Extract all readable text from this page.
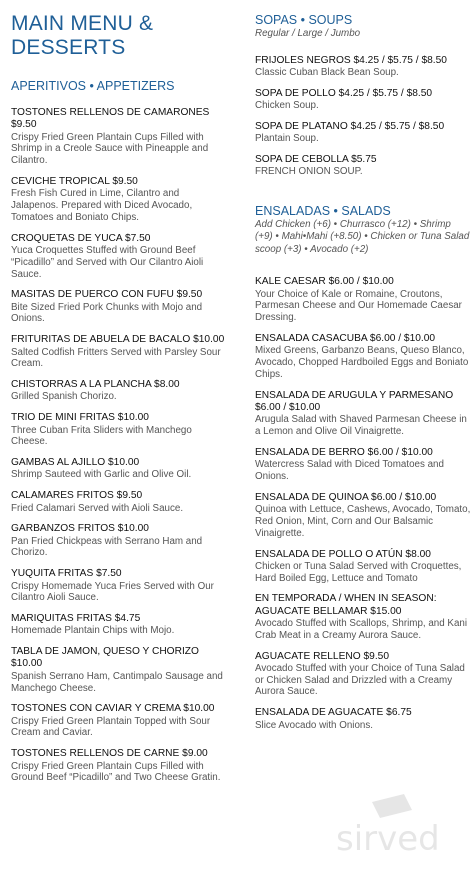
MAIN MENU &
DESSERTS
APERITIVOS • APPETIZERS
TOSTONES RELLENOS DE CAMARONES $9.50
Crispy Fried Green Plantain Cups Filled with Shrimp in a Creole Sauce with Pineapple and Cilantro.
CEVICHE TROPICAL $9.50
Fresh Fish Cured in Lime, Cilantro and Jalapenos. Prepared with Diced Avocado, Tomatoes and Boniato Chips.
CROQUETAS DE YUCA $7.50
Yuca Croquettes Stuffed with Ground Beef “Picadillo” and Served with Our Cilantro Aioli Sauce.
MASITAS DE PUERCO CON FUFU $9.50
Bite Sized Fried Pork Chunks with Mojo and Onions.
FRITURITAS DE ABUELA DE BACALO $10.00
Salted Codfish Fritters Served with Parsley Sour Cream.
CHISTORRAS A LA PLANCHA $8.00
Grilled Spanish Chorizo.
TRIO DE MINI FRITAS $10.00
Three Cuban Frita Sliders with Manchego Cheese.
GAMBAS AL AJILLO $10.00
Shrimp Sauteed with Garlic and Olive Oil.
CALAMARES FRITOS $9.50
Fried Calamari Served with Aioli Sauce.
GARBANZOS FRITOS $10.00
Pan Fried Chickpeas with Serrano Ham and Chorizo.
YUQUITA FRITAS $7.50
Crispy Homemade Yuca Fries Served with Our Cilantro Aioli Sauce.
MARIQUITAS FRITAS $4.75
Homemade Plantain Chips with Mojo.
TABLA DE JAMON, QUESO Y CHORIZO $10.00
Spanish Serrano Ham, Cantimpalo Sausage and Manchego Cheese.
TOSTONES CON CAVIAR Y CREMA $10.00
Crispy Fried Green Plantain Topped with Sour Cream and Caviar.
TOSTONES RELLENOS DE CARNE $9.00
Crispy Fried Green Plantain Cups Filled with Ground Beef “Picadillo” and Two Cheese Gratin.
SOPAS • SOUPS
Regular / Large / Jumbo
FRIJOLES NEGROS $4.25 / $5.75 / $8.50
Classic Cuban Black Bean Soup.
SOPA DE POLLO $4.25 / $5.75 / $8.50
Chicken Soup.
SOPA DE PLATANO $4.25 / $5.75 / $8.50
Plantain Soup.
SOPA DE CEBOLLA $5.75
FRENCH ONION SOUP.
ENSALADAS • SALADS
Add Chicken (+6) • Churrasco (+12) • Shrimp (+9) • Mahi•Mahi (+8.50) • Chicken or Tuna Salad scoop (+3) • Avocado (+2)
KALE CAESAR $6.00 / $10.00
Your Choice of Kale or Romaine, Croutons, Parmesan Cheese and Our Homemade Caesar Dressing.
ENSALADA CASACUBA $6.00 / $10.00
Mixed Greens, Garbanzo Beans, Queso Blanco, Avocado, Chopped Hardboiled Eggs and Boniato Chips.
ENSALADA DE ARUGULA Y PARMESANO $6.00 / $10.00
Arugula Salad with Shaved Parmesan Cheese in a Lemon and Olive Oil Vinaigrette.
ENSALADA DE BERRO $6.00 / $10.00
Watercress Salad with Diced Tomatoes and Onions.
ENSALADA DE QUINOA $6.00 / $10.00
Quinoa with Lettuce, Cashews, Avocado, Tomato, Red Onion, Mint, Corn and Our Balsamic Vinaigrette.
ENSALADA DE POLLO O ATÚN $8.00
Chicken or Tuna Salad Served with Croquettes, Hard Boiled Egg, Lettuce and Tomato
EN TEMPORADA / WHEN IN SEASON: AGUACATE BELLAMAR $15.00
Avocado Stuffed with Scallops, Shrimp, and Kani Crab Meat in a Creamy Aurora Sauce.
AGUACATE RELLENO $9.50
Avocado Stuffed with your Choice of Tuna Salad or Chicken Salad and Drizzled with a Creamy Aurora Sauce.
ENSALADA DE AGUACATE $6.75
Slice Avocado with Onions.
sirved
